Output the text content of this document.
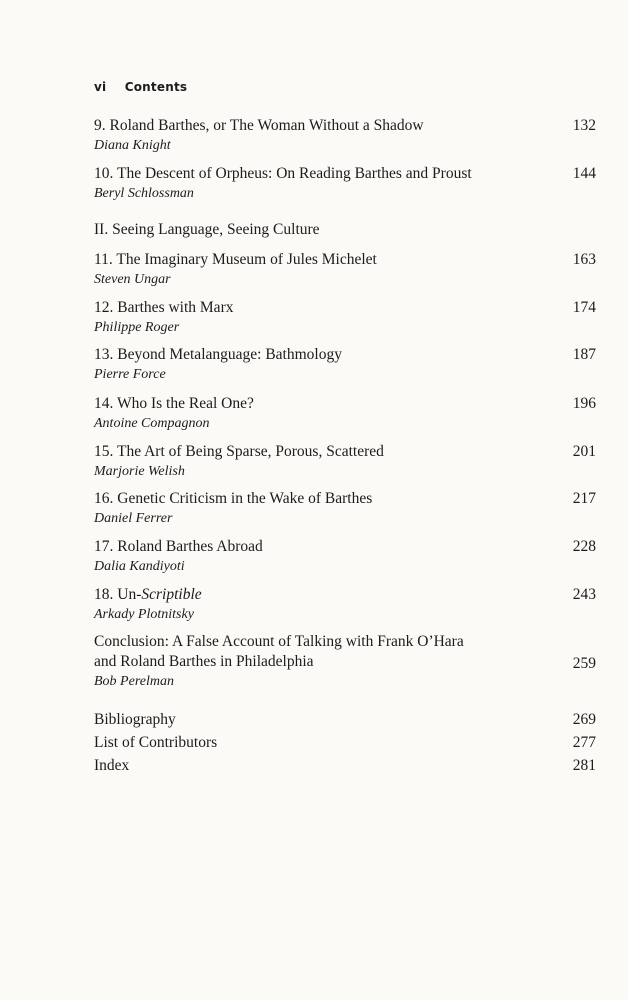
vi Contents
9. Roland Barthes, or The Woman Without a Shadow
Diana Knight
132
10. The Descent of Orpheus: On Reading Barthes and Proust
Beryl Schlossman
144
II. Seeing Language, Seeing Culture
11. The Imaginary Museum of Jules Michelet
Steven Ungar
163
12. Barthes with Marx
Philippe Roger
174
13. Beyond Metalanguage: Bathmology
Pierre Force
187
14. Who Is the Real One?
Antoine Compagnon
196
15. The Art of Being Sparse, Porous, Scattered
Marjorie Welish
201
16. Genetic Criticism in the Wake of Barthes
Daniel Ferrer
217
17. Roland Barthes Abroad
Dalia Kandiyoti
228
18. Un-Scriptible
Arkady Plotnitsky
243
Conclusion: A False Account of Talking with Frank O’Hara
and Roland Barthes in Philadelphia
Bob Perelman
259
Bibliography	269
List of Contributors	277
Index	281
